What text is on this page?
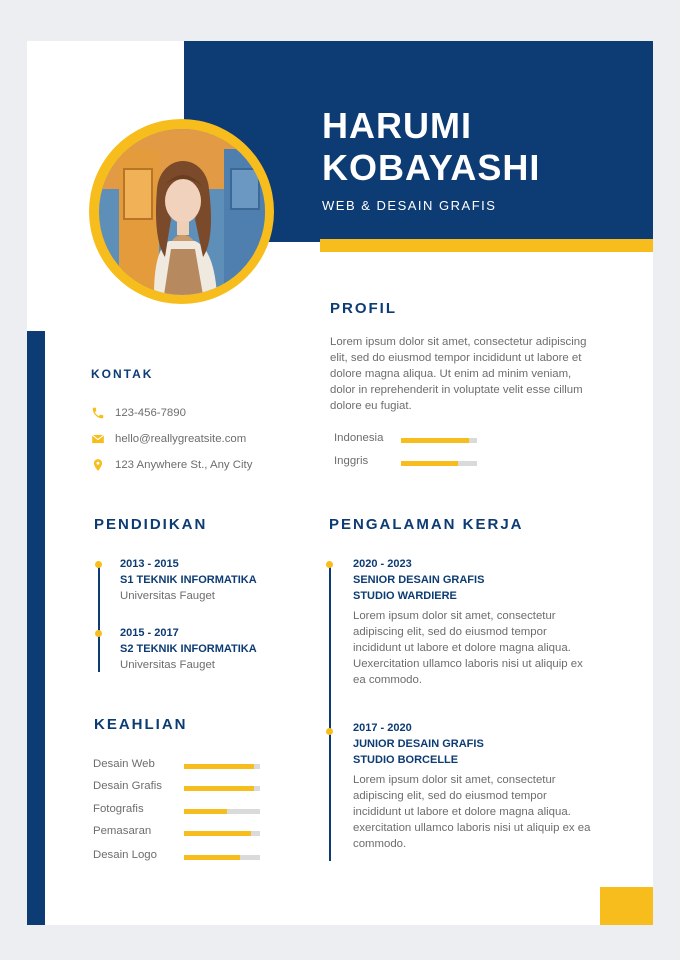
HARUMI
KOBAYASHI
WEB & DESAIN GRAFIS
PROFIL
Lorem ipsum dolor sit amet, consectetur adipiscing elit, sed do eiusmod tempor incididunt ut labore et dolore magna aliqua. Ut enim ad minim veniam, dolor in reprehenderit in voluptate velit esse cillum dolore eu fugiat.
Indonesia
Inggris
KONTAK
123-456-7890
hello@reallygreatsite.com
123 Anywhere St., Any City
PENDIDIKAN
2013 - 2015
S1 TEKNIK INFORMATIKA
Universitas Fauget
2015 - 2017
S2 TEKNIK INFORMATIKA
Universitas Fauget
KEAHLIAN
Desain Web
Desain Grafis
Fotografis
Pemasaran
Desain Logo
PENGALAMAN KERJA
2020 - 2023
SENIOR DESAIN GRAFIS
STUDIO WARDIERE
Lorem ipsum dolor sit amet, consectetur adipiscing elit, sed do eiusmod tempor incididunt ut labore et dolore magna aliqua. Uexercitation ullamco laboris nisi ut aliquip ex ea commodo.
2017 - 2020
JUNIOR DESAIN GRAFIS
STUDIO BORCELLE
Lorem ipsum dolor sit amet, consectetur adipiscing elit, sed do eiusmod tempor incididunt ut labore et dolore magna aliqua. exercitation ullamco laboris nisi ut aliquip ex ea commodo.
